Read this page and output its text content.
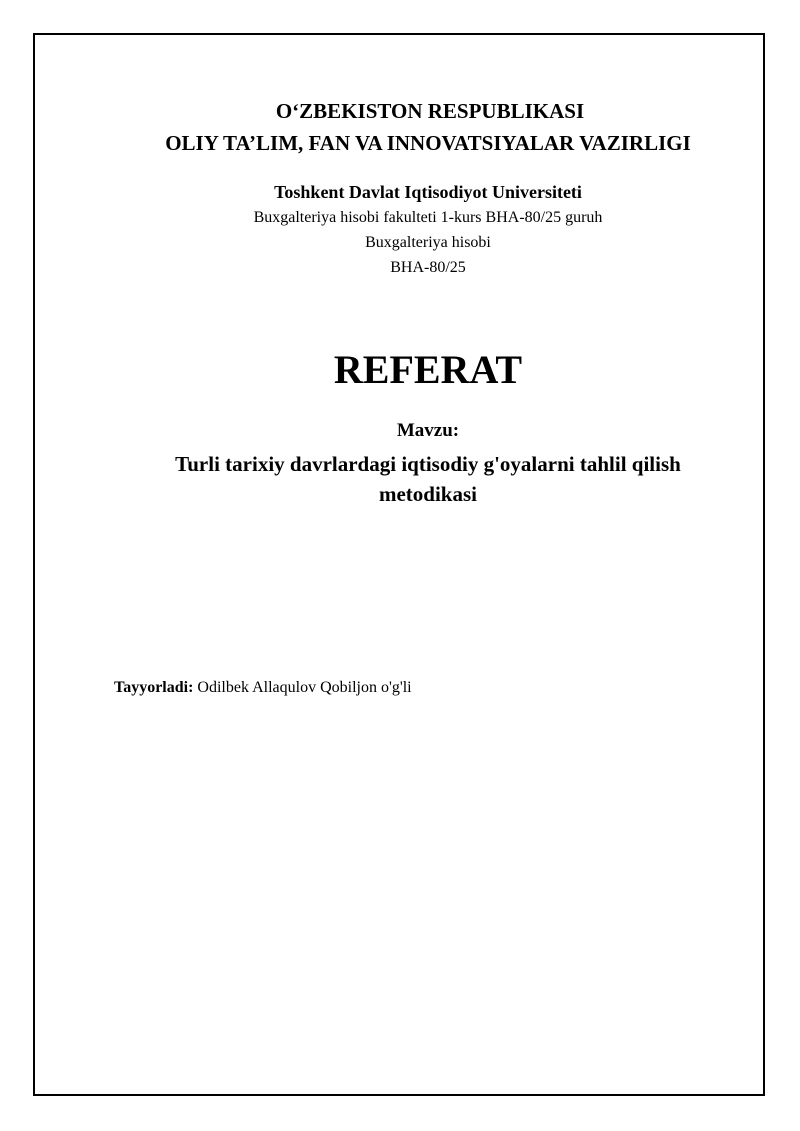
O‘ZBEKISTON RESPUBLIKASI
OLIY TA’LIM, FAN VA INNOVATSIYALAR VAZIRLIGI
Toshkent Davlat Iqtisodiyot Universiteti
Buxgalteriya hisobi fakulteti 1-kurs BHA-80/25 guruh
Buxgalteriya hisobi
BHA-80/25
REFERAT
Mavzu:
Turli tarixiy davrlardagi iqtisodiy g'oyalarni tahlil qilish
metodikasi
Tayyorladi: Odilbek Allaqulov Qobiljon o'g'li
